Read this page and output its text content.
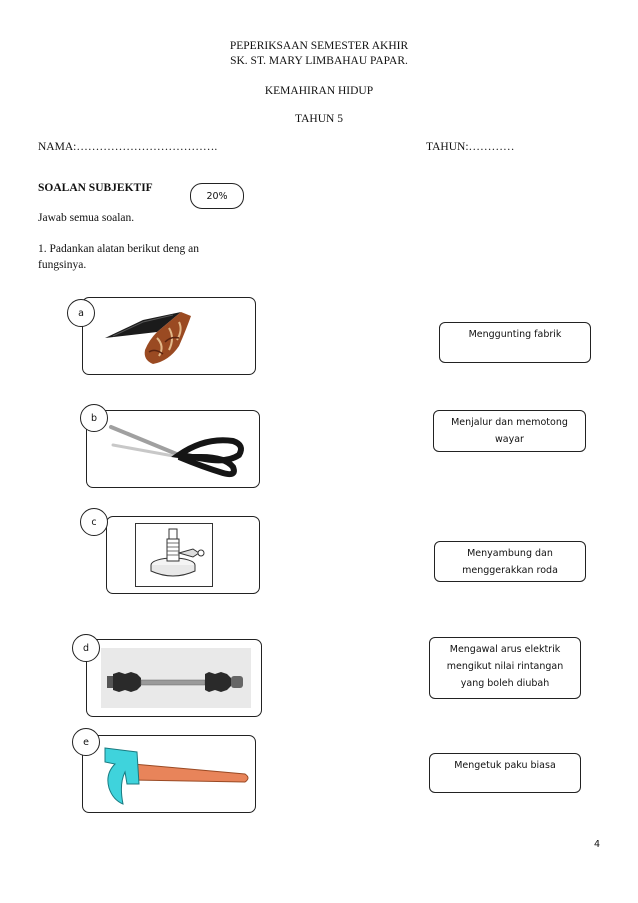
PEPERIKSAAN SEMESTER AKHIR
SK. ST. MARY LIMBAHAU PAPAR.
KEMAHIRAN HIDUP
TAHUN 5
NAMA:……………………………….	TAHUN:…………
SOALAN SUBJEKTIF
20%
Jawab semua soalan.
1. Padankan alatan berikut deng an
fungsinya.
a
b
c
d
e
Menggunting fabrik
Menjalur dan memotong
wayar
Menyambung dan
menggerakkan roda
Mengawal arus elektrik
mengikut nilai rintangan
yang boleh diubah
Mengetuk paku biasa
4
